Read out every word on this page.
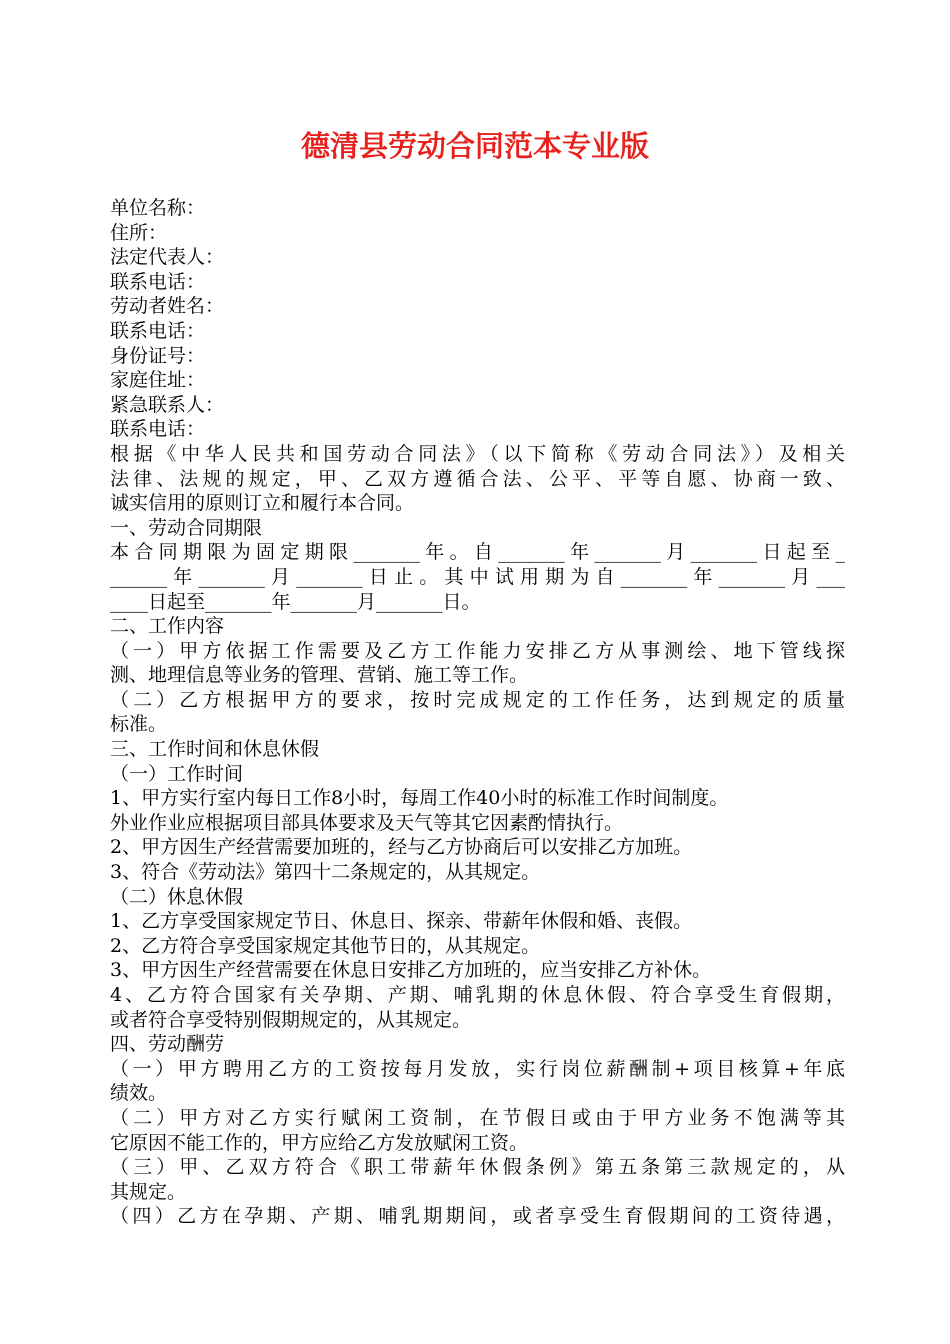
德清县劳动合同范本专业版
单位名称：
住所：
法定代表人：
联系电话：
劳动者姓名：
联系电话：
身份证号：
家庭住址：
紧急联系人：
联系电话：
根据《中华人民共和国劳动合同法》（以下简称《劳动合同法》）及相关
法律、法规的规定，甲、乙双方遵循合法、公平、平等自愿、协商一致、
诚实信用的原则订立和履行本合同。
一、劳动合同期限
本合同期限为固定期限_______年。自_______年_______月_______日起至_
______年_______月_______日止。其中试用期为自_______年_______月___
____日起至_______年_______月_______日。
二、工作内容
（一）甲方依据工作需要及乙方工作能力安排乙方从事测绘、地下管线探
测、地理信息等业务的管理、营销、施工等工作。
（二）乙方根据甲方的要求，按时完成规定的工作任务，达到规定的质量
标准。
三、工作时间和休息休假
（一）工作时间
1、甲方实行室内每日工作8小时，每周工作40小时的标准工作时间制度。
外业作业应根据项目部具体要求及天气等其它因素酌情执行。
2、甲方因生产经营需要加班的，经与乙方协商后可以安排乙方加班。
3、符合《劳动法》第四十二条规定的，从其规定。
（二）休息休假
1、乙方享受国家规定节日、休息日、探亲、带薪年休假和婚、丧假。
2、乙方符合享受国家规定其他节日的，从其规定。
3、甲方因生产经营需要在休息日安排乙方加班的，应当安排乙方补休。
4、乙方符合国家有关孕期、产期、哺乳期的休息休假、符合享受生育假期，
或者符合享受特别假期规定的，从其规定。
四、劳动酬劳
（一）甲方聘用乙方的工资按每月发放，实行岗位薪酬制+项目核算+年底
绩效。
（二）甲方对乙方实行赋闲工资制，在节假日或由于甲方业务不饱满等其
它原因不能工作的，甲方应给乙方发放赋闲工资。
（三）甲、乙双方符合《职工带薪年休假条例》第五条第三款规定的，从
其规定。
（四）乙方在孕期、产期、哺乳期期间，或者享受生育假期间的工资待遇，
